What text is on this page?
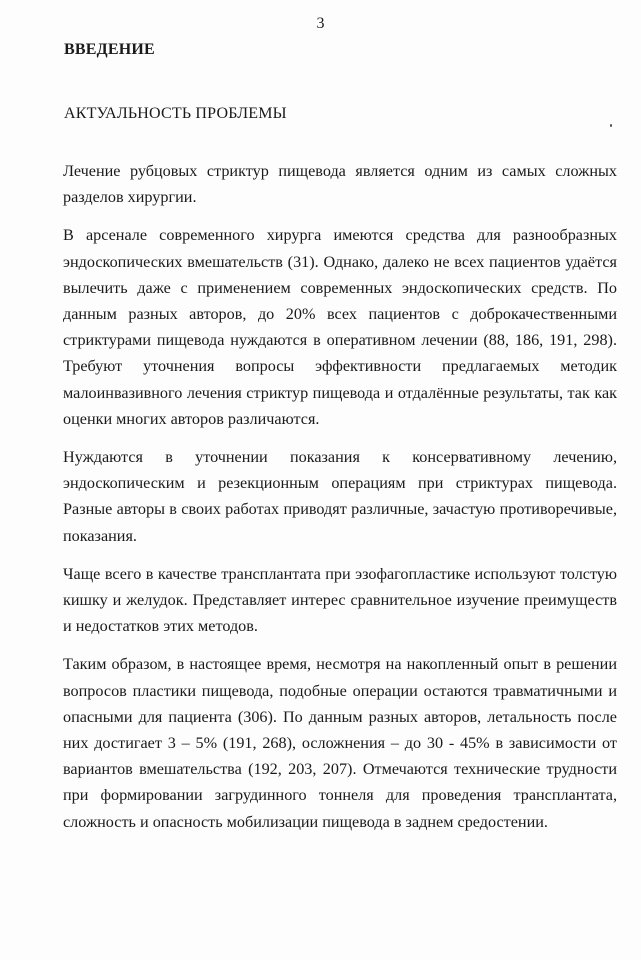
3
ВВЕДЕНИЕ
АКТУАЛЬНОСТЬ ПРОБЛЕМЫ

Лечение рубцовых стриктур пищевода является одним из самых сложных разделов хирургии.

В арсенале современного хирурга имеются средства для разнообразных эндоскопических вмешательств (31). Однако, далеко не всех пациентов удаётся вылечить даже с применением современных эндоскопических средств. По данным разных авторов, до 20% всех пациентов с доброкачественными стриктурами пищевода нуждаются в оперативном лечении (88, 186, 191, 298). Требуют уточнения вопросы эффективности предлагаемых методик малоинвазивного лечения стриктур пищевода и отдалённые результаты, так как оценки многих авторов различаются.

Нуждаются в уточнении показания к консервативному лечению, эндоскопическим и резекционным операциям при стриктурах пищевода. Разные авторы в своих работах приводят различные, зачастую противоречивые, показания.

Чаще всего в качестве трансплантата при эзофагопластике используют толстую кишку и желудок. Представляет интерес сравнительное изучение преимуществ и недостатков этих методов.

Таким образом, в настоящее время, несмотря на накопленный опыт в решении вопросов пластики пищевода, подобные операции остаются травматичными и опасными для пациента (306). По данным разных авторов, летальность после них достигает 3 – 5% (191, 268), осложнения – до 30 - 45% в зависимости от вариантов вмешательства (192, 203, 207). Отмечаются технические трудности при формировании загрудинного тоннеля для проведения трансплантата, сложность и опасность мобилизации пищевода в заднем средостении.
